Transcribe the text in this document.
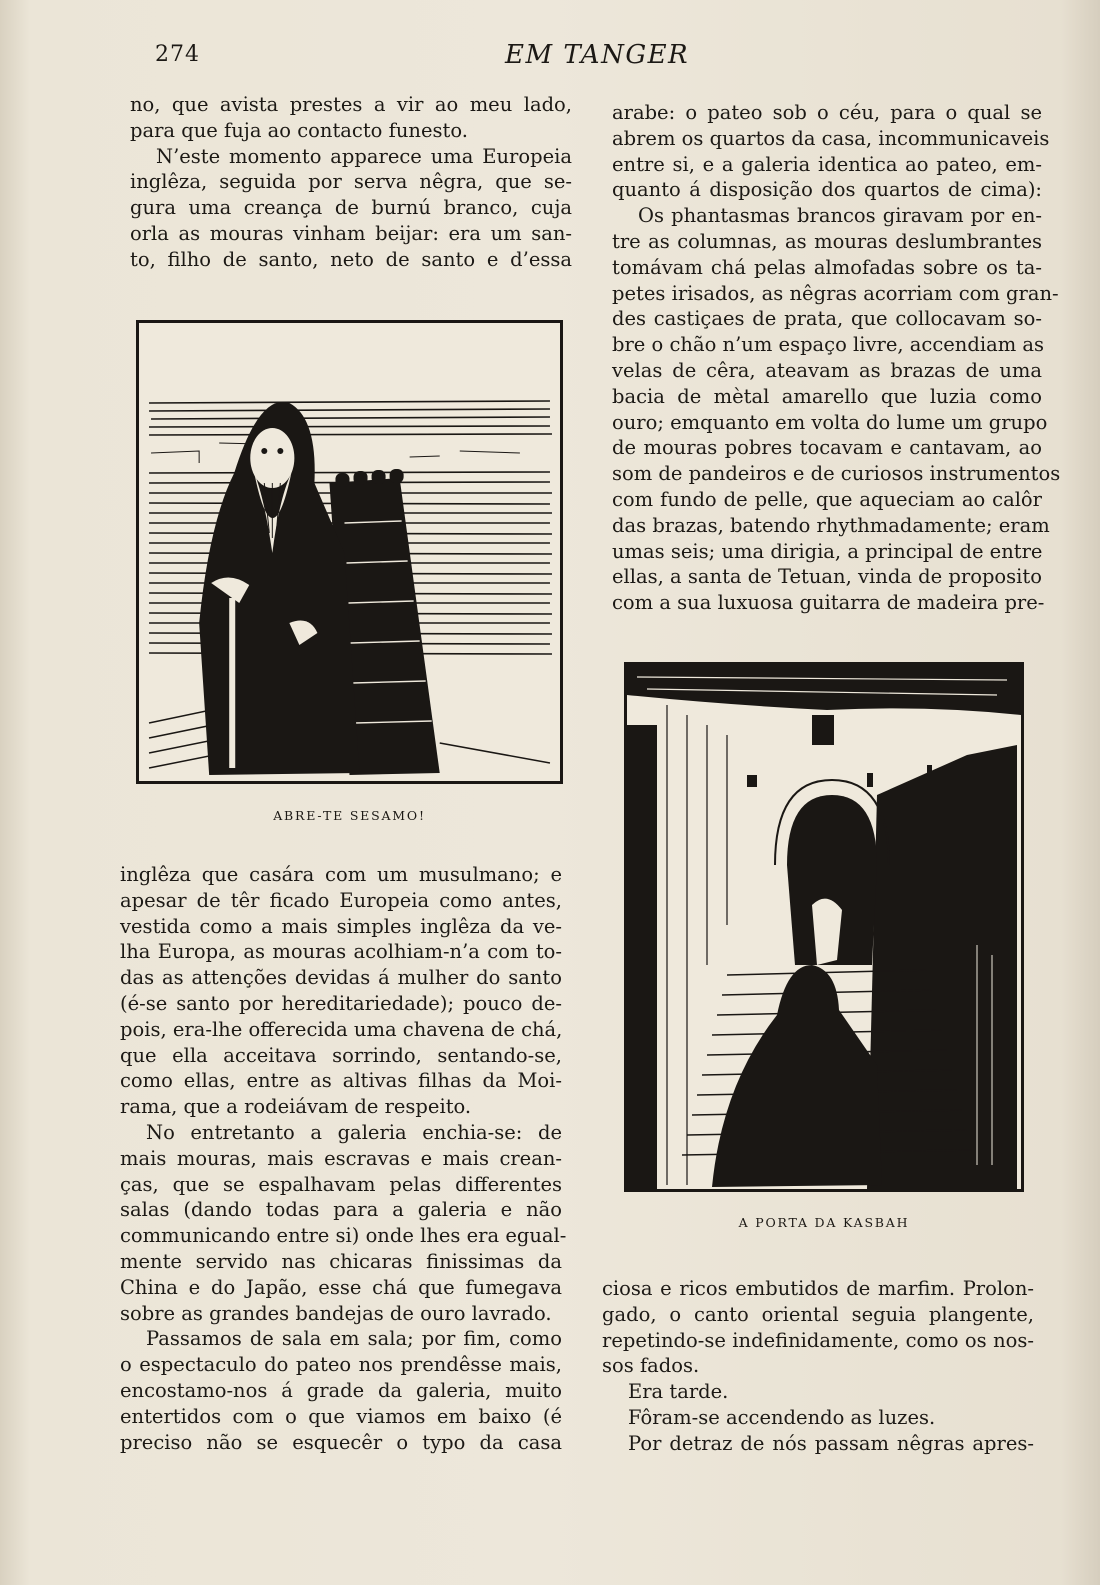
274	EM TANGER
no, que avista prestes a vir ao meu lado,
para que fuja ao contacto funesto.
N’este momento apparece uma Europeia
inglêza, seguida por serva nêgra, que se-
gura uma creança de burnú branco, cuja
orla as mouras vinham beijar: era um san-
to, filho de santo, neto de santo e d’essa
arabe: o pateo sob o céu, para o qual se
abrem os quartos da casa, incommunicaveis
entre si, e a galeria identica ao pateo, em-
quanto á disposição dos quartos de cima):
Os phantasmas brancos giravam por en-
tre as columnas, as mouras deslumbrantes
tomávam chá pelas almofadas sobre os ta-
petes irisados, as nêgras acorriam com gran-
des castiçaes de prata, que collocavam so-
bre o chão n’um espaço livre, accendiam as
velas de cêra, ateavam as brazas de uma
bacia de mètal amarello que luzia como
ouro; emquanto em volta do lume um grupo
de mouras pobres tocavam e cantavam, ao
som de pandeiros e de curiosos instrumentos
com fundo de pelle, que aqueciam ao calôr
das brazas, batendo rhythmadamente; eram
umas seis; uma dirigia, a principal de entre
ellas, a santa de Tetuan, vinda de proposito
com a sua luxuosa guitarra de madeira pre-
inglêza que casára com um musulmano; e
apesar de têr ficado Europeia como antes,
vestida como a mais simples inglêza da ve-
lha Europa, as mouras acolhiam-n’a com to-
das as attenções devidas á mulher do santo
(é-se santo por hereditariedade); pouco de-
pois, era-lhe offerecida uma chavena de chá,
que ella acceitava sorrindo, sentando-se,
como ellas, entre as altivas filhas da Moi-
rama, que a rodeiávam de respeito.
No entretanto a galeria enchia-se: de
mais mouras, mais escravas e mais crean-
ças, que se espalhavam pelas differentes
salas (dando todas para a galeria e não
communicando entre si) onde lhes era egual-
mente servido nas chicaras finissimas da
China e do Japão, esse chá que fumegava
sobre as grandes bandejas de ouro lavrado.
Passamos de sala em sala; por fim, como
o espectaculo do pateo nos prendêsse mais,
encostamo-nos á grade da galeria, muito
entertidos com o que viamos em baixo (é
preciso não se esquecêr o typo da casa
ciosa e ricos embutidos de marfim. Prolon-
gado, o canto oriental seguia plangente,
repetindo-se indefinidamente, como os nos-
sos fados.
Era tarde.
Fôram-se accendendo as luzes.
Por detraz de nós passam nêgras apres-
ABRE-TE SESAMO!
A PORTA DA KASBAH
